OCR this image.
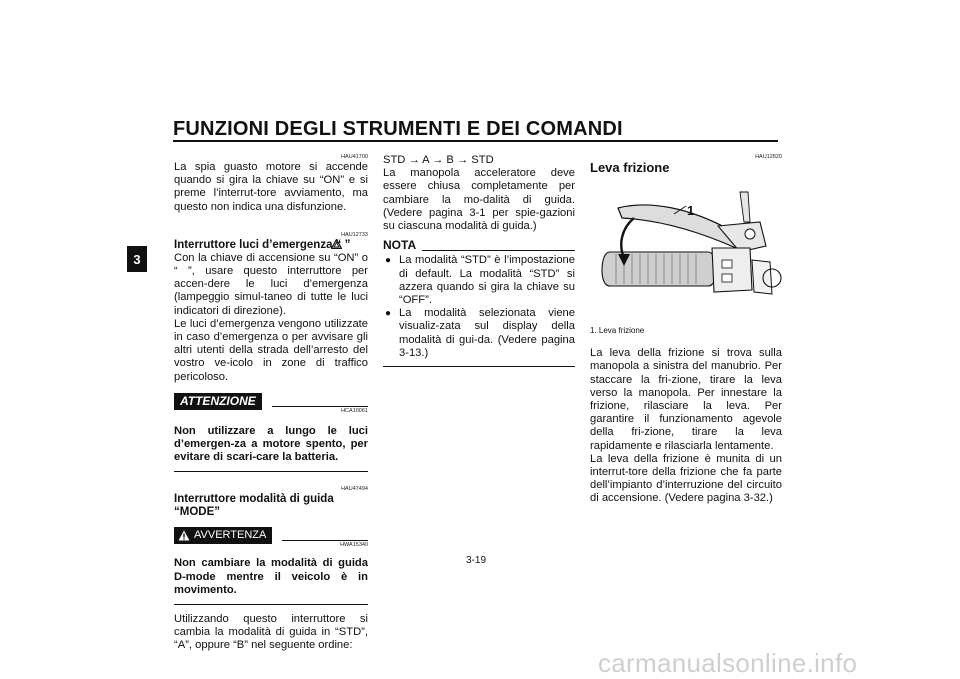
FUNZIONI DEGLI STRUMENTI E DEI COMANDI
3
HAU41700

La spia guasto motore si accende quando si gira la chiave su “ON” e si preme l’interrut-tore avviamento, ma questo non indica una disfunzione.

HAU12733
Interruttore luci d’emergenza “ ”

Con la chiave di accensione su “ON” o “ ”, usare questo interruttore per accen-dere le luci d’emergenza (lampeggio simul-taneo di tutte le luci indicatori di direzione).

Le luci d’emergenza vengono utilizzate in caso d’emergenza o per avvisare gli altri utenti della strada dell’arresto del vostro ve-icolo in zone di traffico pericoloso.

ATTENZIONE
HCA10061

Non utilizzare a lungo le luci d’emergen-za a motore spento, per evitare di scari-care la batteria.

HAU47494
Interruttore modalità di guida “MODE”
AVVERTENZA
HWA15340

Non cambiare la modalità di guida D-mode mentre il veicolo è in movimento.

Utilizzando questo interruttore si cambia la modalità di guida in “STD”, “A”, oppure “B” nel seguente ordine:

STD → A → B → STD

La manopola acceleratore deve essere chiusa completamente per cambiare la mo-dalità di guida. (Vedere pagina 3-1 per spie-gazioni su ciascuna modalità di guida.)

NOTA
● La modalità “STD” è l’impostazione di default. La modalità “STD” si azzera quando si gira la chiave su “OFF”.
● La modalità selezionata viene visualiz-zata sul display della modalità di gui-da. (Vedere pagina 3-13.)
HAU12820
Leva frizione
1
1. Leva frizione

La leva della frizione si trova sulla manopola a sinistra del manubrio. Per staccare la fri-zione, tirare la leva verso la manopola. Per innestare la frizione, rilasciare la leva. Per garantire il funzionamento agevole della fri-zione, tirare la leva rapidamente e rilasciarla lentamente.

La leva della frizione è munita di un interrut-tore della frizione che fa parte dell’impianto d’interruzione del circuito di accensione. (Vedere pagina 3-32.)

3-19
carmanualsonline.info
